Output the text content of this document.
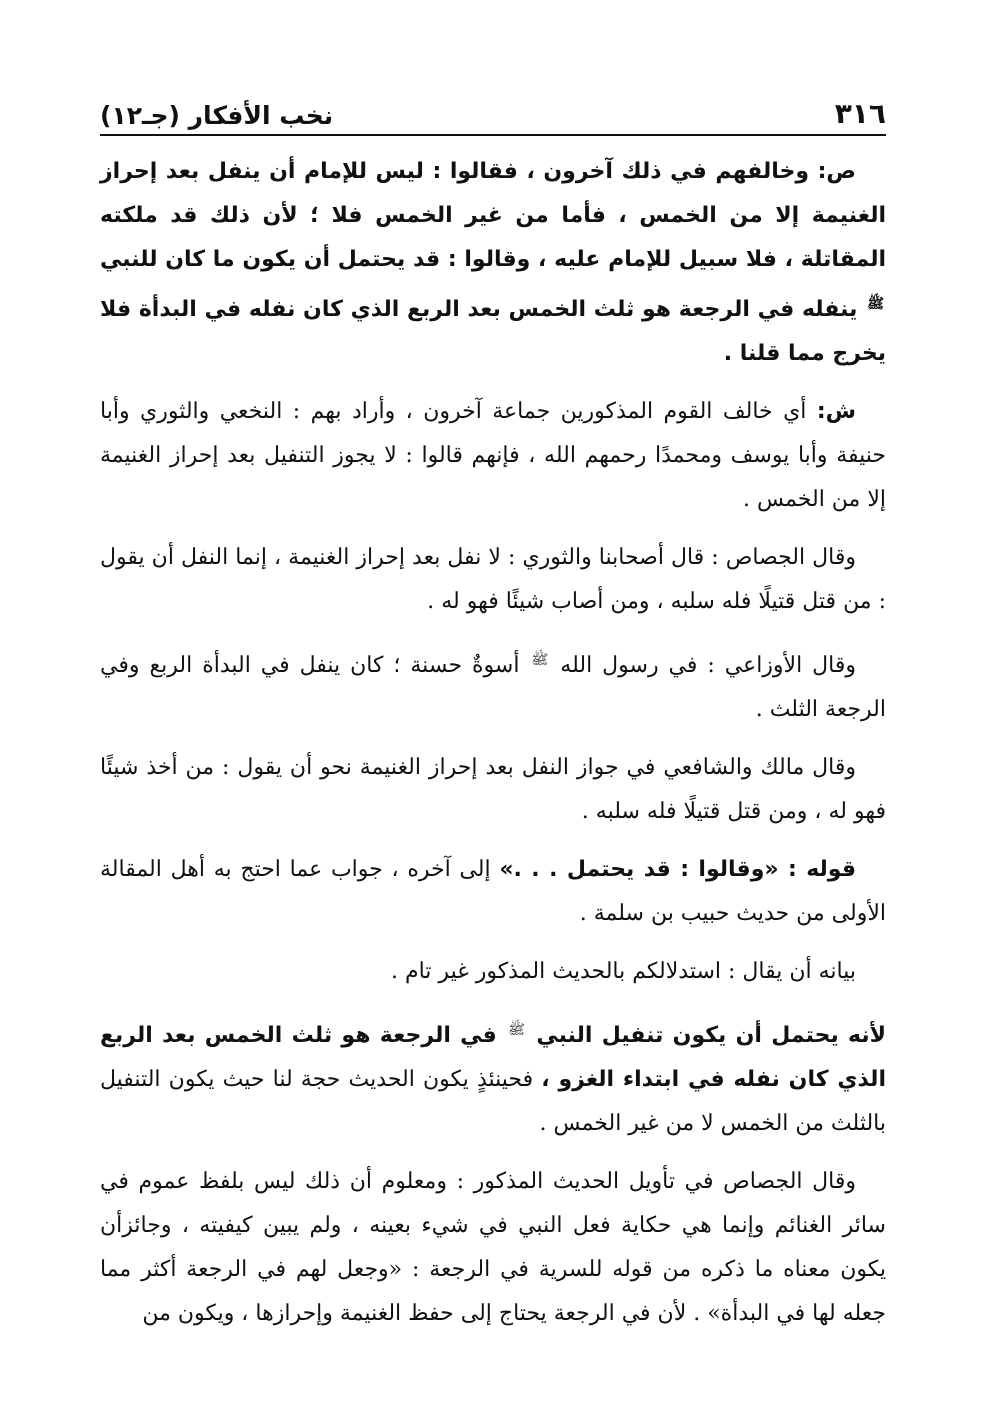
٣١٦
نخب الأفكار (جـ١٢)

ص: وخالفهم في ذلك آخرون ، فقالوا : ليس للإمام أن ينفل بعد إحراز الغنيمة إلا من الخمس ، فأما من غير الخمس فلا ؛ لأن ذلك قد ملكته المقاتلة ، فلا سبيل للإمام عليه ، وقالوا : قد يحتمل أن يكون ما كان للنبي $^ﷺ$ ينفله في الرجعة هو ثلث الخمس بعد الربع الذي كان نفله في البدأة فلا يخرج مما قلنا .

ش: أي خالف القوم المذكورين جماعة آخرون ، وأراد بهم : النخعي والثوري وأبا حنيفة وأبا يوسف ومحمدًا رحمهم الله ، فإنهم قالوا : لا يجوز التنفيل بعد إحراز الغنيمة إلا من الخمس .

وقال الجصاص : قال أصحابنا والثوري : لا نفل بعد إحراز الغنيمة ، إنما النفل أن يقول : من قتل قتيلًا فله سلبه ، ومن أصاب شيئًا فهو له .

وقال الأوزاعي : في رسول الله $^ﷺ$ أسوةٌ حسنة ؛ كان ينفل في البدأة الربع وفي الرجعة الثلث .

وقال مالك والشافعي في جواز النفل بعد إحراز الغنيمة نحو أن يقول : من أخذ شيئًا فهو له ، ومن قتل قتيلًا فله سلبه .

قوله : «وقالوا : قد يحتمل . . .» إلى آخره ، جواب عما احتج به أهل المقالة الأولى من حديث حبيب بن سلمة .

بيانه أن يقال : استدلالكم بالحديث المذكور غير تام .

لأنه يحتمل أن يكون تنفيل النبي $^ﷺ$ في الرجعة هو ثلث الخمس بعد الربع الذي كان نفله في ابتداء الغزو ، فحينئذٍ يكون الحديث حجة لنا حيث يكون التنفيل بالثلث من الخمس لا من غير الخمس .

وقال الجصاص في تأويل الحديث المذكور : ومعلوم أن ذلك ليس بلفظ عموم في سائر الغنائم وإنما هي حكاية فعل النبي في شيء بعينه ، ولم يبين كيفيته ، وجائزأن يكون معناه ما ذكره من قوله للسرية في الرجعة : «وجعل لهم في الرجعة أكثر مما جعله لها في البدأة» . لأن في الرجعة يحتاج إلى حفظ الغنيمة وإحرازها ، ويكون من
